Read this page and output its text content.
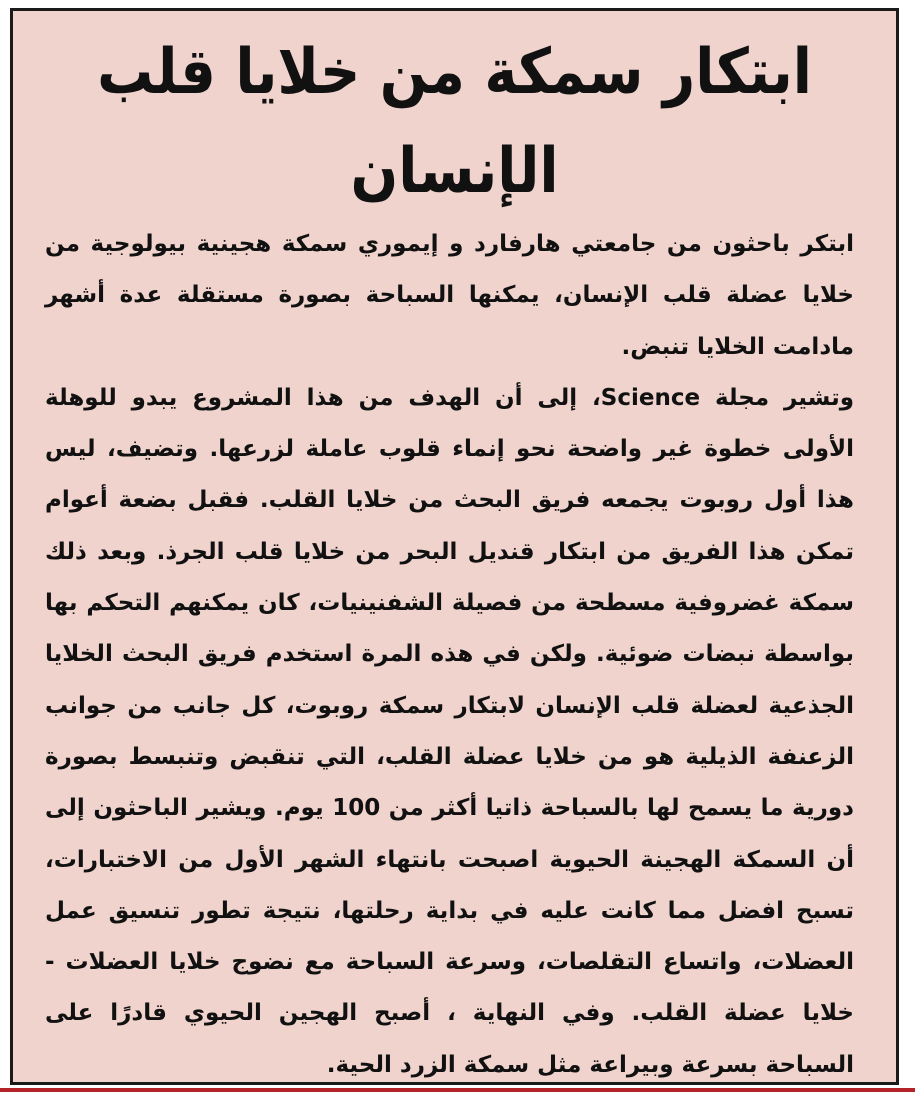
ابتكار سمكة من خلايا قلب الإنسان
ابتكر باحثون من جامعتي هارفارد و إيموري سمكة هجينية بيولوجية من خلايا عضلة قلب الإنسان، يمكنها السباحة بصورة مستقلة عدة أشهر مادامت الخلايا تنبض.
وتشير مجلة Science، إلى أن الهدف من هذا المشروع يبدو للوهلة الأولى خطوة غير واضحة نحو إنماء قلوب عاملة لزرعها. وتضيف، ليس هذا أول روبوت يجمعه فريق البحث من خلايا القلب. فقبل بضعة أعوام تمكن هذا الفريق من ابتكار قنديل البحر من خلايا قلب الجرذ. وبعد ذلك سمكة غضروفية مسطحة من فصيلة الشفنينيات، كان يمكنهم التحكم بها بواسطة نبضات ضوئية. ولكن في هذه المرة استخدم فريق البحث الخلايا الجذعية لعضلة قلب الإنسان لابتكار سمكة روبوت، كل جانب من جوانب الزعنفة الذيلية هو من خلايا عضلة القلب، التي تنقبض وتنبسط بصورة دورية ما يسمح لها بالسباحة ذاتيا أكثر من 100 يوم. ويشير الباحثون إلى أن السمكة الهجينة الحيوية اصبحت بانتهاء الشهر الأول من الاختبارات، تسبح افضل مما كانت عليه في بداية رحلتها، نتيجة تطور تنسيق عمل العضلات، واتساع التقلصات، وسرعة السباحة مع نضوج خلايا العضلات - خلايا عضلة القلب. وفي النهاية ، أصبح الهجين الحيوي قادرًا على السباحة بسرعة وبيراعة مثل سمكة الزرد الحية.
